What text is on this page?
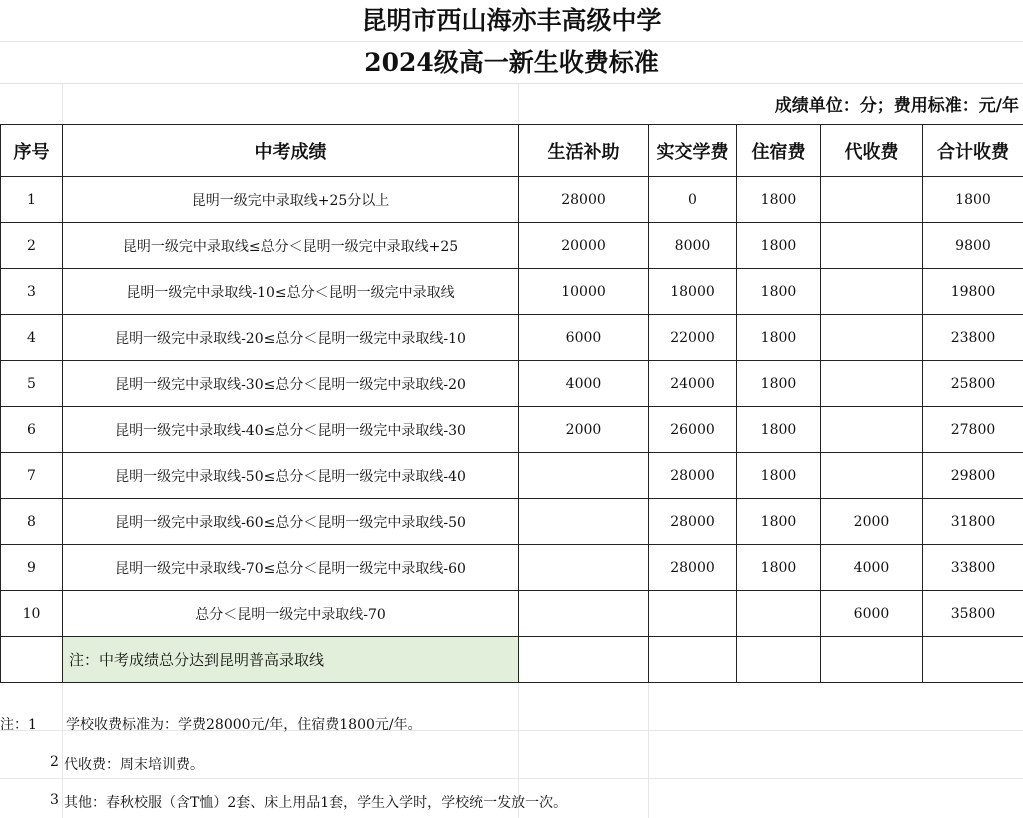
昆明市西山海亦丰高级中学
2024级高一新生收费标准
成绩单位：分；费用标准：元/年
序号	中考成绩	生活补助	实交学费	住宿费	代收费	合计收费
1	昆明一级完中录取线+25分以上	28000	0	1800		1800
2	昆明一级完中录取线≤总分＜昆明一级完中录取线+25	20000	8000	1800		9800
3	昆明一级完中录取线-10≤总分＜昆明一级完中录取线	10000	18000	1800		19800
4	昆明一级完中录取线-20≤总分＜昆明一级完中录取线-10	6000	22000	1800		23800
5	昆明一级完中录取线-30≤总分＜昆明一级完中录取线-20	4000	24000	1800		25800
6	昆明一级完中录取线-40≤总分＜昆明一级完中录取线-30	2000	26000	1800		27800
7	昆明一级完中录取线-50≤总分＜昆明一级完中录取线-40		28000	1800		29800
8	昆明一级完中录取线-60≤总分＜昆明一级完中录取线-50		28000	1800	2000	31800
9	昆明一级完中录取线-70≤总分＜昆明一级完中录取线-60		28000	1800	4000	33800
10	总分＜昆明一级完中录取线-70				6000	35800
	注：中考成绩总分达到昆明普高录取线					
注：1 学校收费标准为：学费28000元/年，住宿费1800元/年。
2 代收费：周末培训费。
3 其他：春秋校服（含T恤）2套、床上用品1套，学生入学时，学校统一发放一次。
